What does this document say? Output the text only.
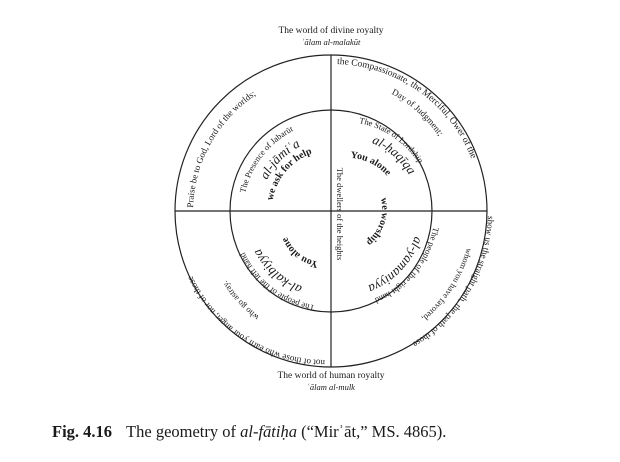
The world of divine royalty
ʿālam al-malakūt
The world of human royalty
ʿālam al-mulk
The dwellers of the heights
Praise be to God, Lord of the worlds;
the Compassionate, the Merciful, Ower of the
Day of Judgment;
show us the straight path, the path of those
whom you have favored,
not of those who earn your anger, nor of those
who go astray.
The Presence of Jabarūt
al-jāmiʿa
The State of Lordship
al-ḥaqīqa
The people of the right hand
al-yamaniyya
The people of the left hand
al-kalbiyya
we ask for help	You alone
we worship
You alone
Fig. 4.16 The geometry of al-fātiḥa (“Mirʾāt,” MS. 4865).
